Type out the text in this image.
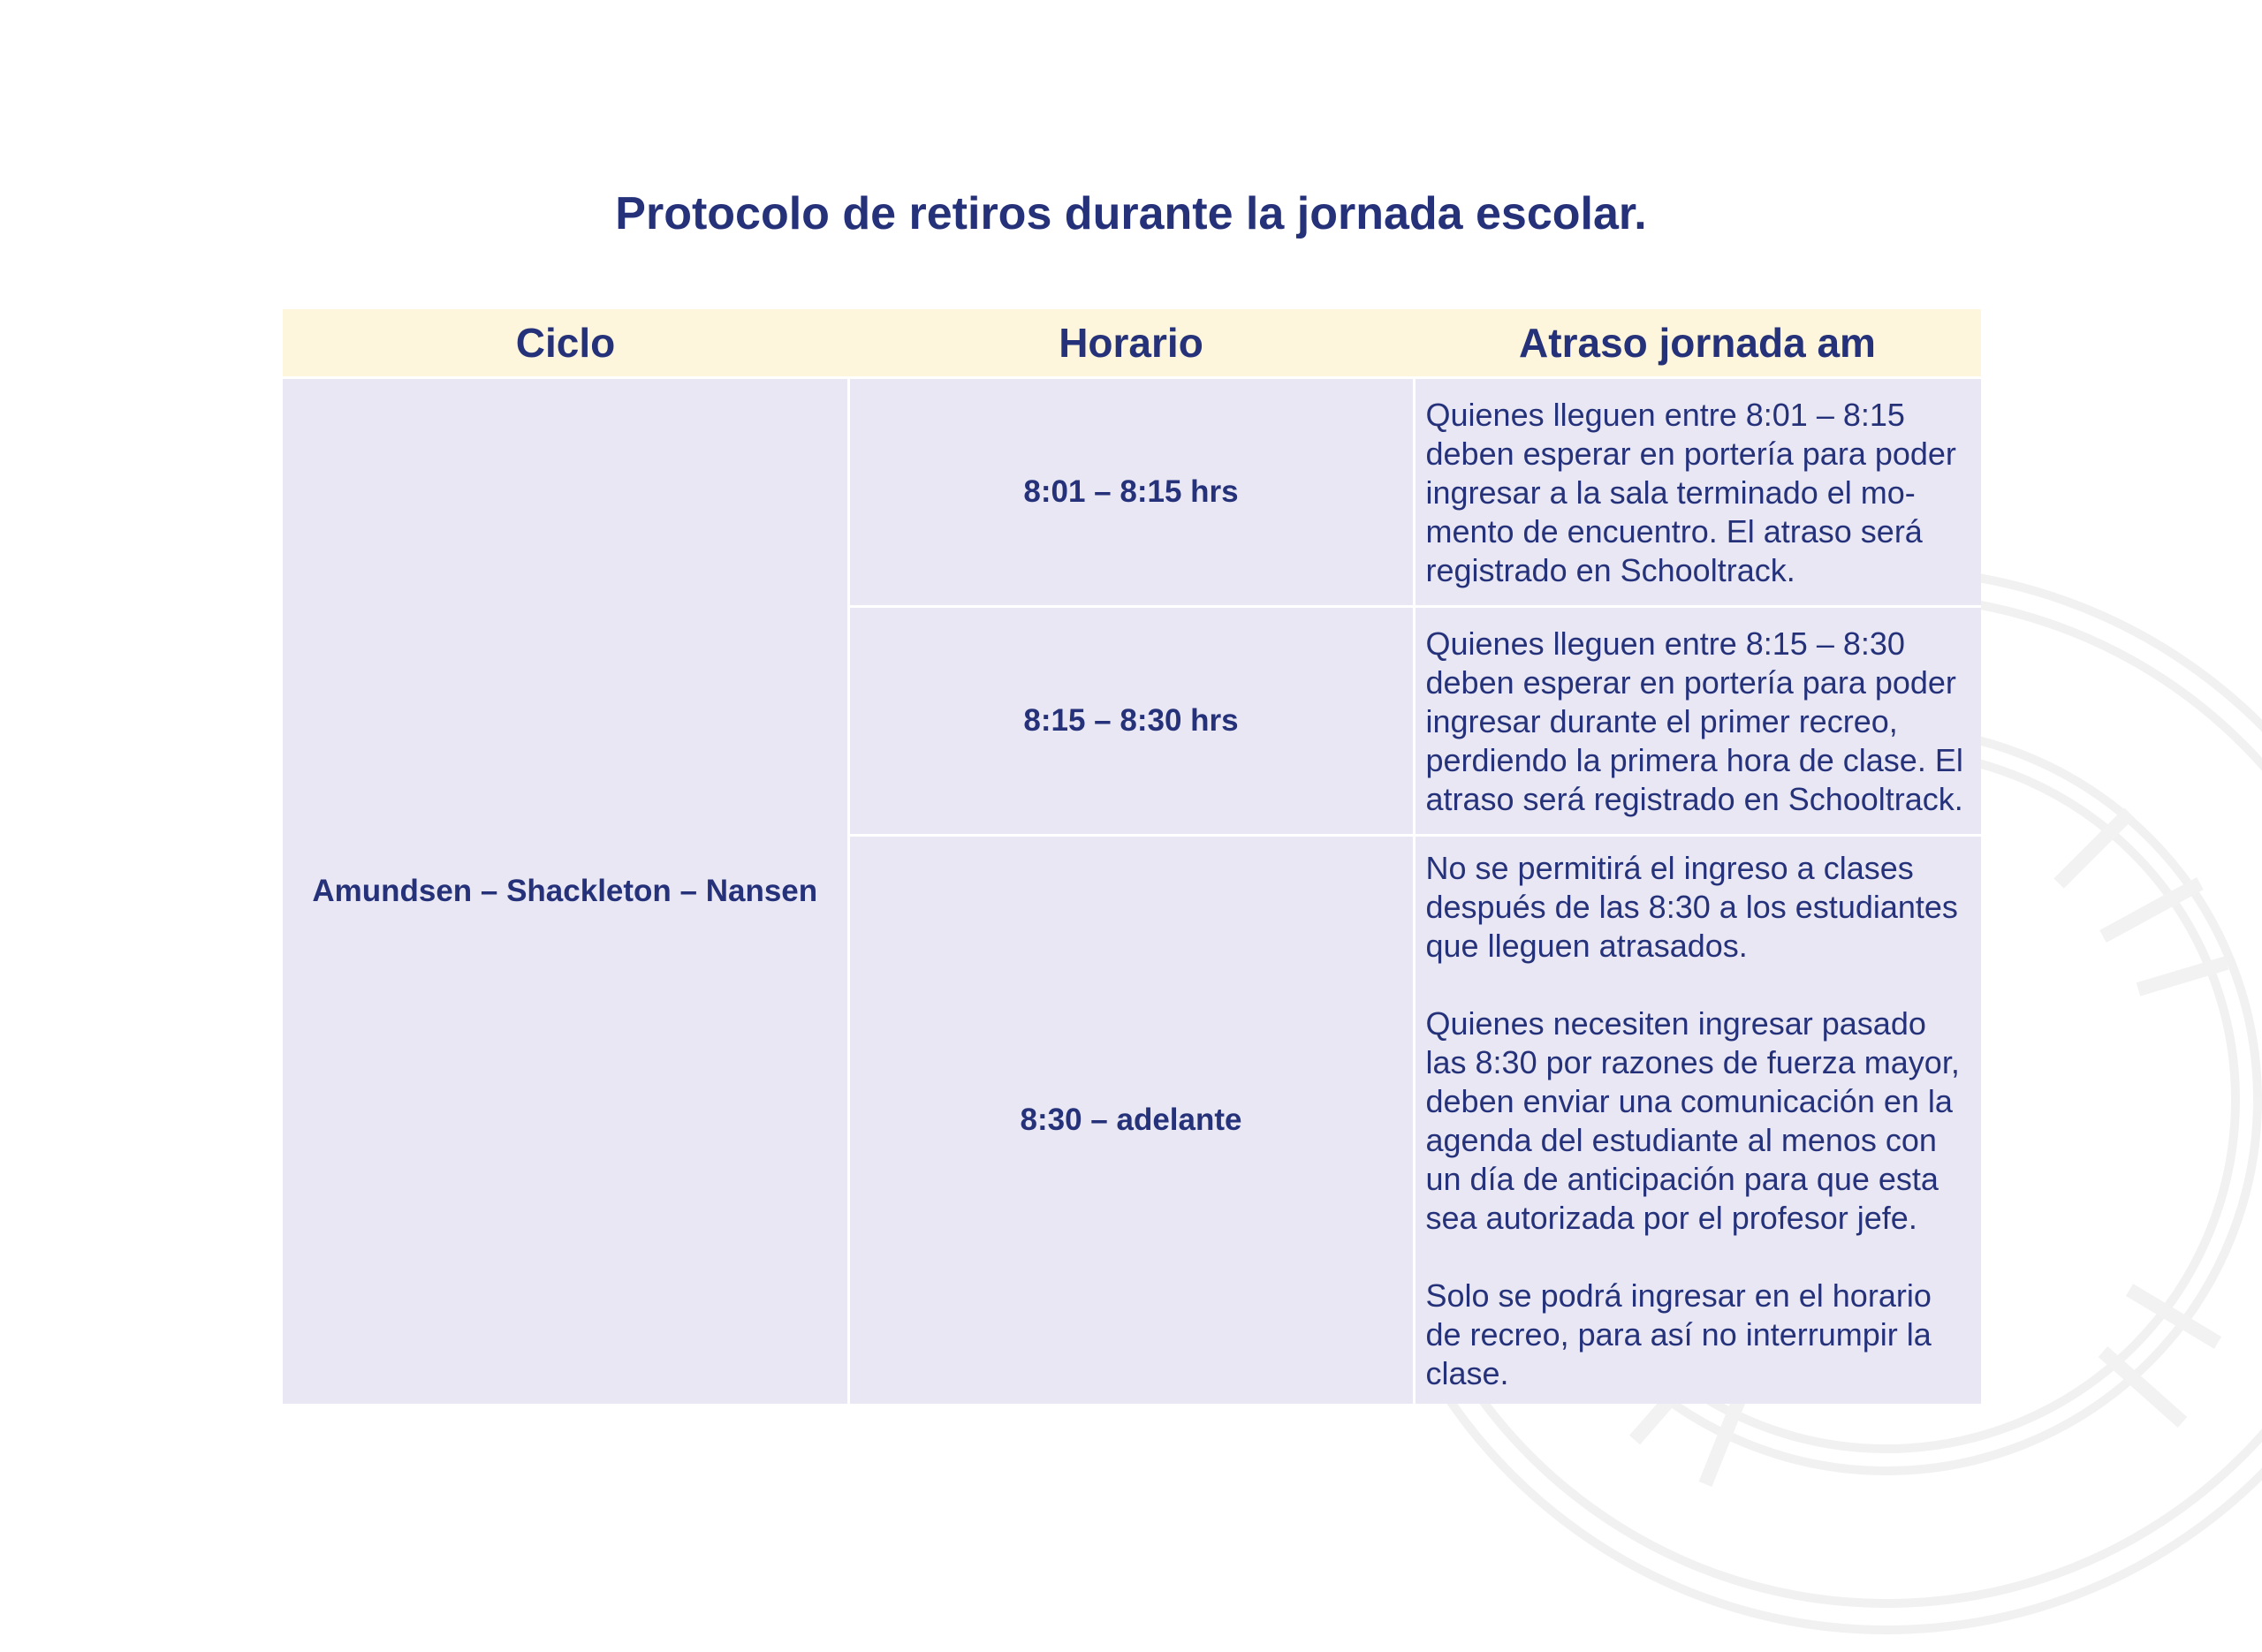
Protocolo de retiros durante la jornada escolar.
Ciclo	Horario	Atraso jornada am
Amundsen – Shackleton – Nansen	8:01 – 8:15 hrs	Quienes lleguen entre 8:01 – 8:15 deben esperar en portería para poder ingresar a la sala terminado el mo-mento de encuentro. El atraso será registrado en Schooltrack.

	8:15 – 8:30 hrs	Quienes lleguen entre 8:15 – 8:30 deben esperar en portería para poder ingresar durante el primer recreo, perdiendo la primera hora de clase. El atraso será registrado en Schooltrack.

	8:30 – adelante	No se permitirá el ingreso a clases después de las 8:30 a los estudiantes que lleguen atrasados.
Quienes necesiten ingresar pasado las 8:30 por razones de fuerza mayor, deben enviar una comunicación en la agenda del estudiante al menos con un día de anticipación para que esta sea autorizada por el profesor jefe.
Solo se podrá ingresar en el horario de recreo, para así no interrumpir la clase.
